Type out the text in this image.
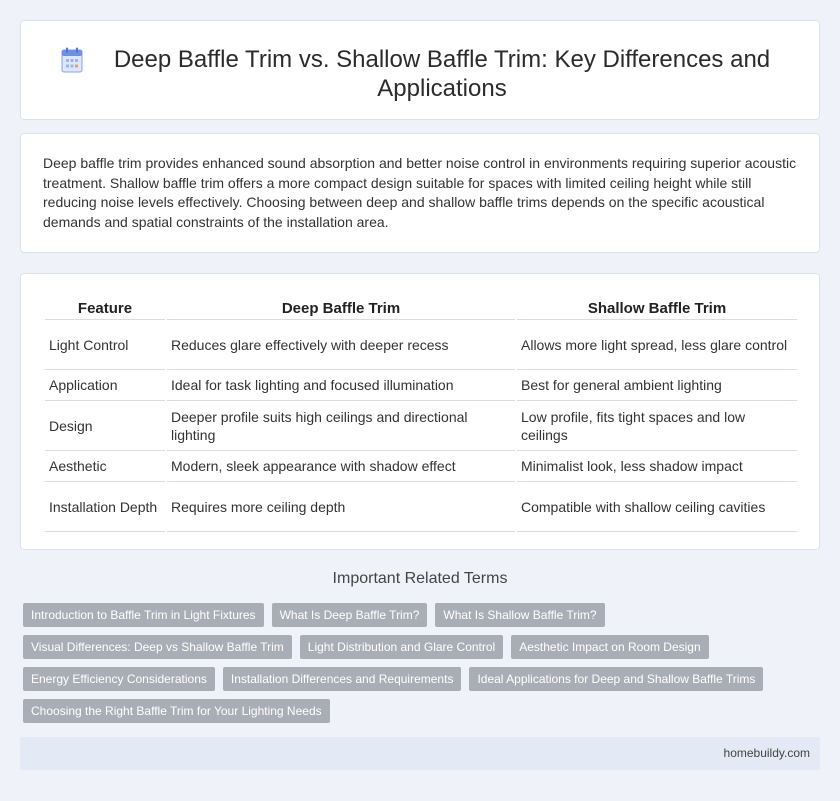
Deep Baffle Trim vs. Shallow Baffle Trim: Key Differences and Applications

Deep baffle trim provides enhanced sound absorption and better noise control in environments requiring superior acoustic treatment. Shallow baffle trim offers a more compact design suitable for spaces with limited ceiling height while still reducing noise levels effectively. Choosing between deep and shallow baffle trims depends on the specific acoustical demands and spatial constraints of the installation area.

Feature	Deep Baffle Trim	Shallow Baffle Trim
Light Control	Reduces glare effectively with deeper recess	Allows more light spread, less glare control
Application	Ideal for task lighting and focused illumination	Best for general ambient lighting
Design	Deeper profile suits high ceilings and directional lighting	Low profile, fits tight spaces and low ceilings
Aesthetic	Modern, sleek appearance with shadow effect	Minimalist look, less shadow impact
Installation Depth	Requires more ceiling depth	Compatible with shallow ceiling cavities
Important Related Terms
Introduction to Baffle Trim in Light Fixtures	What Is Deep Baffle Trim?	What Is Shallow Baffle Trim?
Visual Differences: Deep vs Shallow Baffle Trim	Light Distribution and Glare Control	Aesthetic Impact on Room Design
Energy Efficiency Considerations	Installation Differences and Requirements	Ideal Applications for Deep and Shallow Baffle Trims
Choosing the Right Baffle Trim for Your Lighting Needs
homebuildy.com
